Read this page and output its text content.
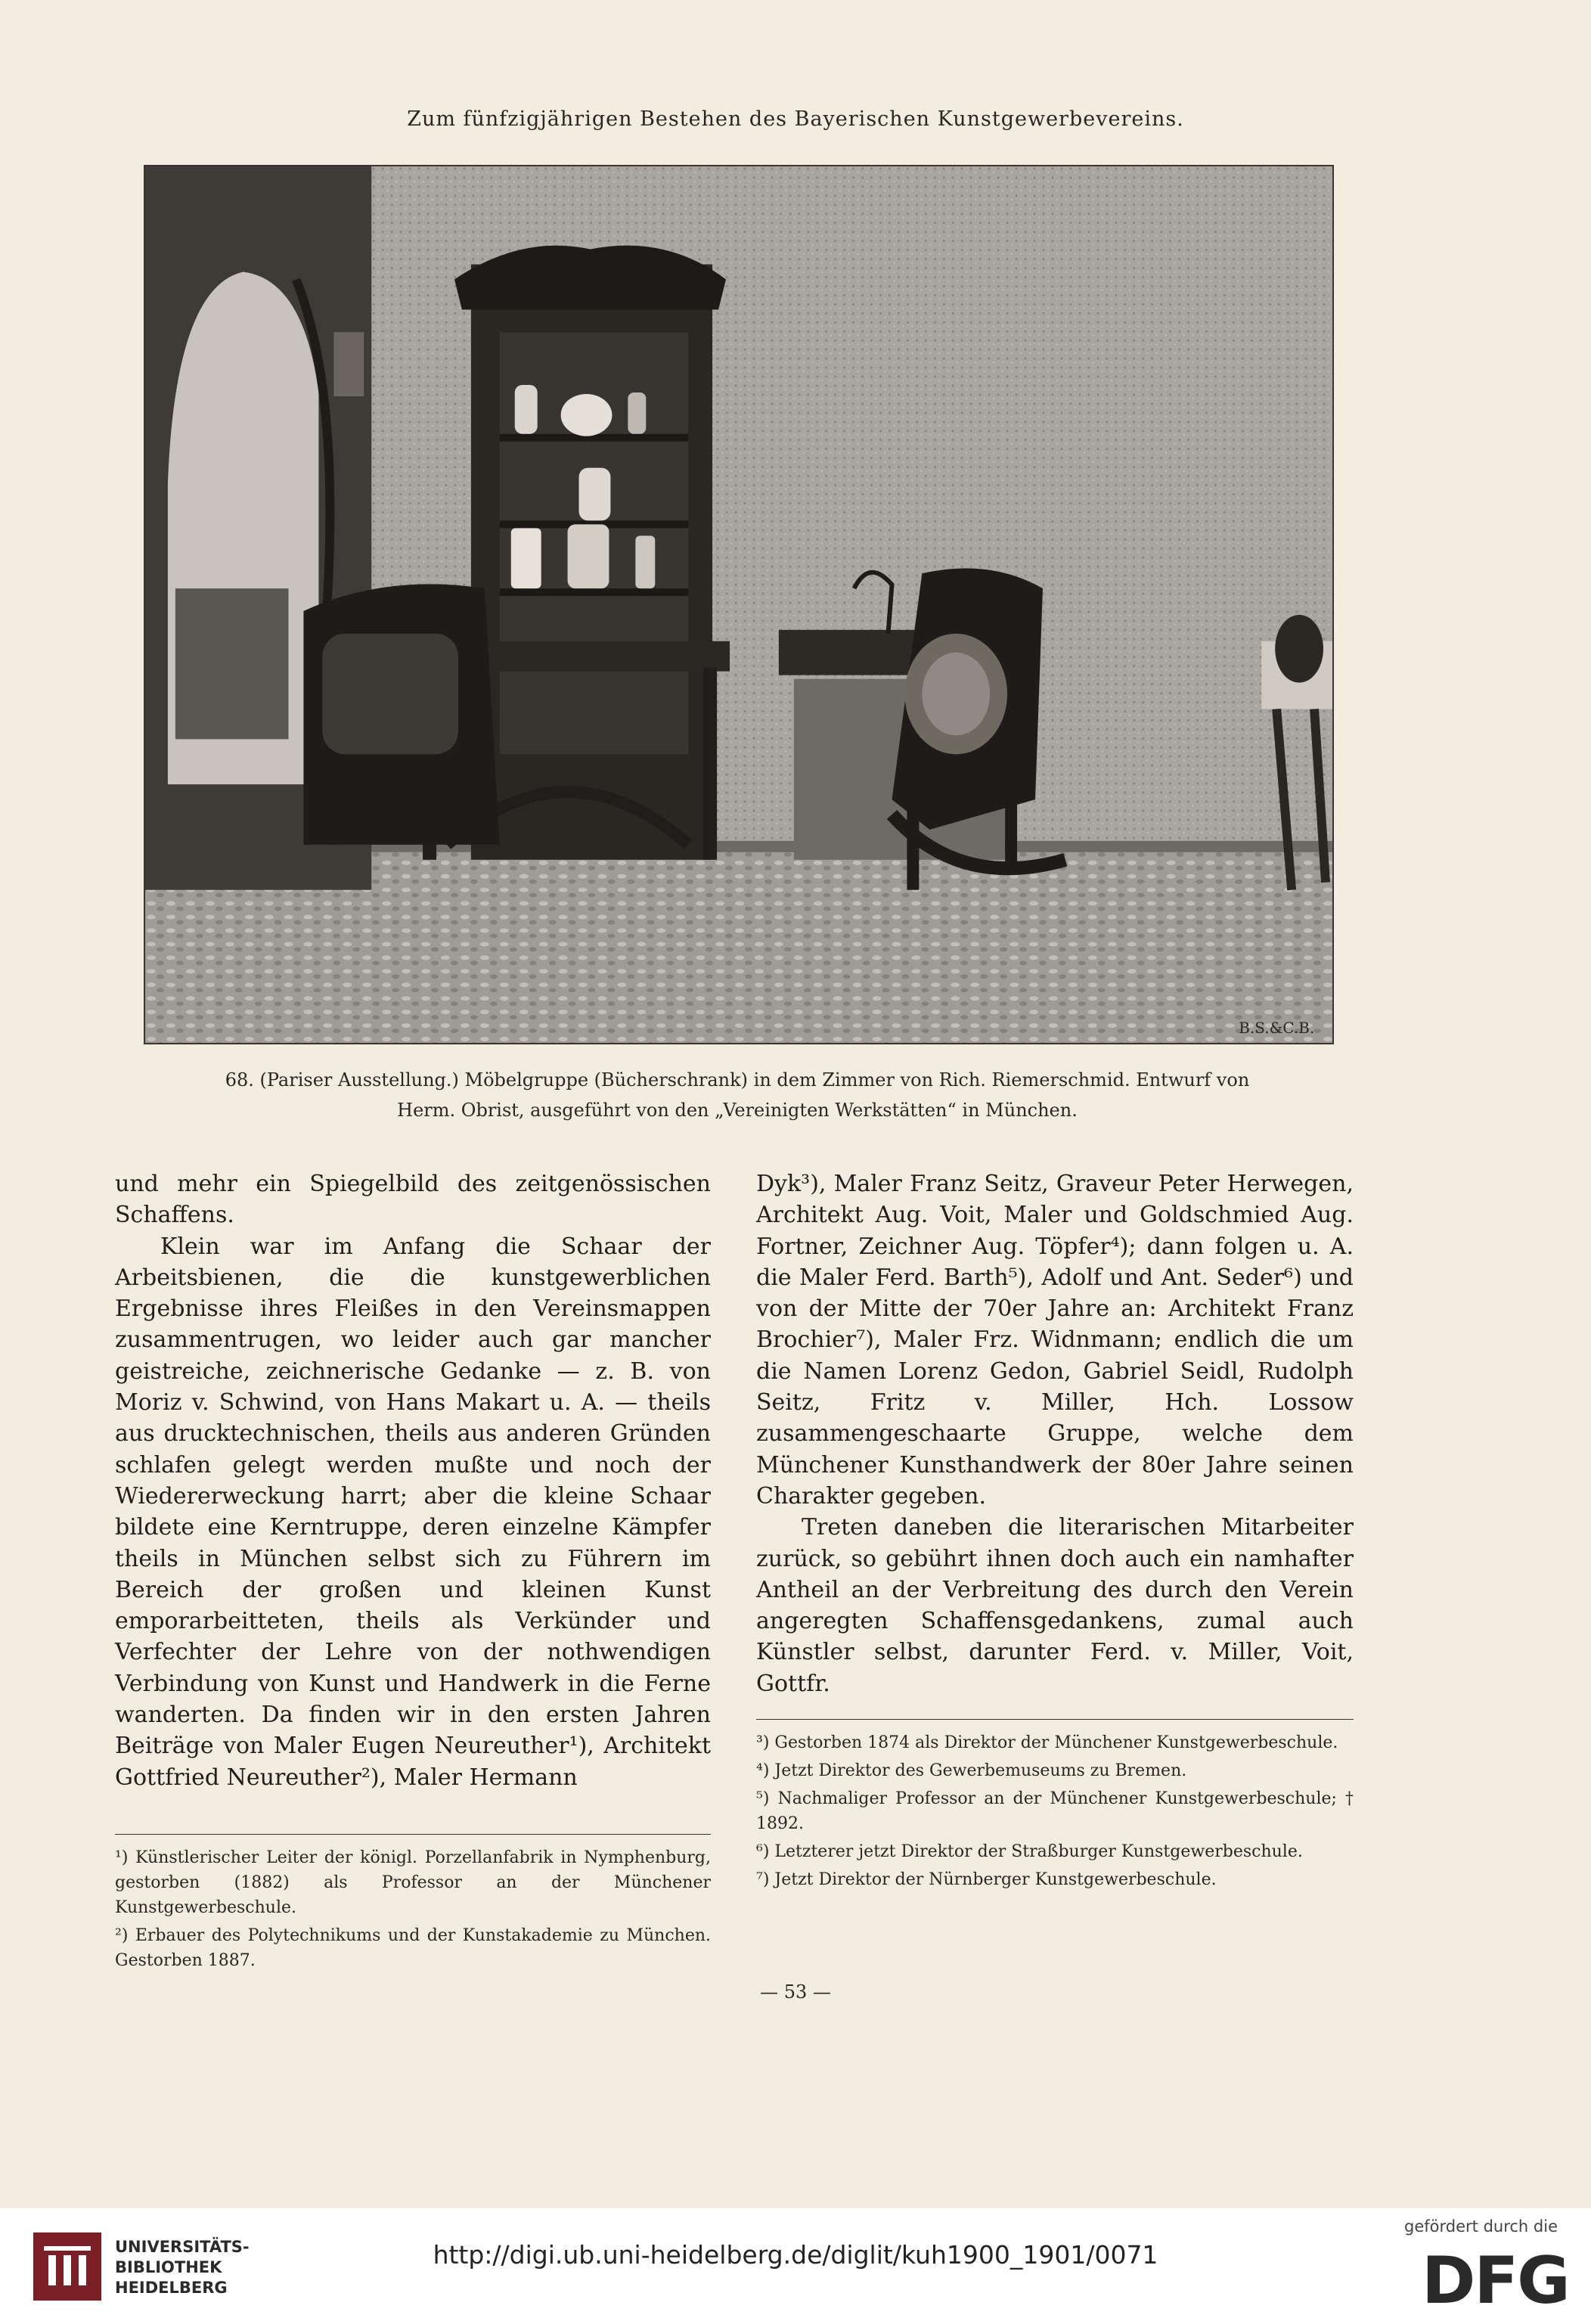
Zum fünfzigjährigen Bestehen des Bayerischen Kunstgewerbevereins.
B.S.&C.B.
68. (Pariser Ausstellung.) Möbelgruppe (Bücherschrank) in dem Zimmer von Rich. Riemerschmid. Entwurf von
Herm. Obrist, ausgeführt von den „Vereinigten Werkstätten“ in München.

und mehr ein Spiegelbild des zeitgenössischen Schaffens.

Klein war im Anfang die Schaar der Arbeitsbienen, die die kunstgewerblichen Ergebnisse ihres Fleißes in den Vereinsmappen zusammentrugen, wo leider auch gar mancher geistreiche, zeichnerische Gedanke — z. B. von Moriz v. Schwind, von Hans Makart u. A. — theils aus drucktechnischen, theils aus anderen Gründen schlafen gelegt werden mußte und noch der Wiedererweckung harrt; aber die kleine Schaar bildete eine Kerntruppe, deren einzelne Kämpfer theils in München selbst sich zu Führern im Bereich der großen und kleinen Kunst emporarbeitteten, theils als Verkünder und Verfechter der Lehre von der nothwendigen Verbindung von Kunst und Handwerk in die Ferne wanderten. Da finden wir in den ersten Jahren Beiträge von Maler Eugen Neureuther¹), Architekt Gottfried Neureuther²), Maler Hermann

Dyk³), Maler Franz Seitz, Graveur Peter Herwegen, Architekt Aug. Voit, Maler und Goldschmied Aug. Fortner, Zeichner Aug. Töpfer⁴); dann folgen u. A. die Maler Ferd. Barth⁵), Adolf und Ant. Seder⁶) und von der Mitte der 70er Jahre an: Architekt Franz Brochier⁷), Maler Frz. Widnmann; endlich die um die Namen Lorenz Gedon, Gabriel Seidl, Rudolph Seitz, Fritz v. Miller, Hch. Lossow zusammengeschaarte Gruppe, welche dem Münchener Kunsthandwerk der 80er Jahre seinen Charakter gegeben.

Treten daneben die literarischen Mitarbeiter zurück, so gebührt ihnen doch auch ein namhafter Antheil an der Verbreitung des durch den Verein angeregten Schaffensgedankens, zumal auch Künstler selbst, darunter Ferd. v. Miller, Voit, Gottfr.

¹) Künstlerischer Leiter der königl. Porzellanfabrik in Nymphenburg, gestorben (1882) als Professor an der Münchener Kunstgewerbeschule.

²) Erbauer des Polytechnikums und der Kunstakademie zu München. Gestorben 1887.

³) Gestorben 1874 als Direktor der Münchener Kunstgewerbeschule.

⁴) Jetzt Direktor des Gewerbemuseums zu Bremen.

⁵) Nachmaliger Professor an der Münchener Kunstgewerbeschule; † 1892.

⁶) Letzterer jetzt Direktor der Straßburger Kunstgewerbeschule.

⁷) Jetzt Direktor der Nürnberger Kunstgewerbeschule.

— 53 —
UNIVERSITÄTS-
BIBLIOTHEK
HEIDELBERG
http://digi.ub.uni-heidelberg.de/diglit/kuh1900_1901/0071
gefördert durch die
DFG
